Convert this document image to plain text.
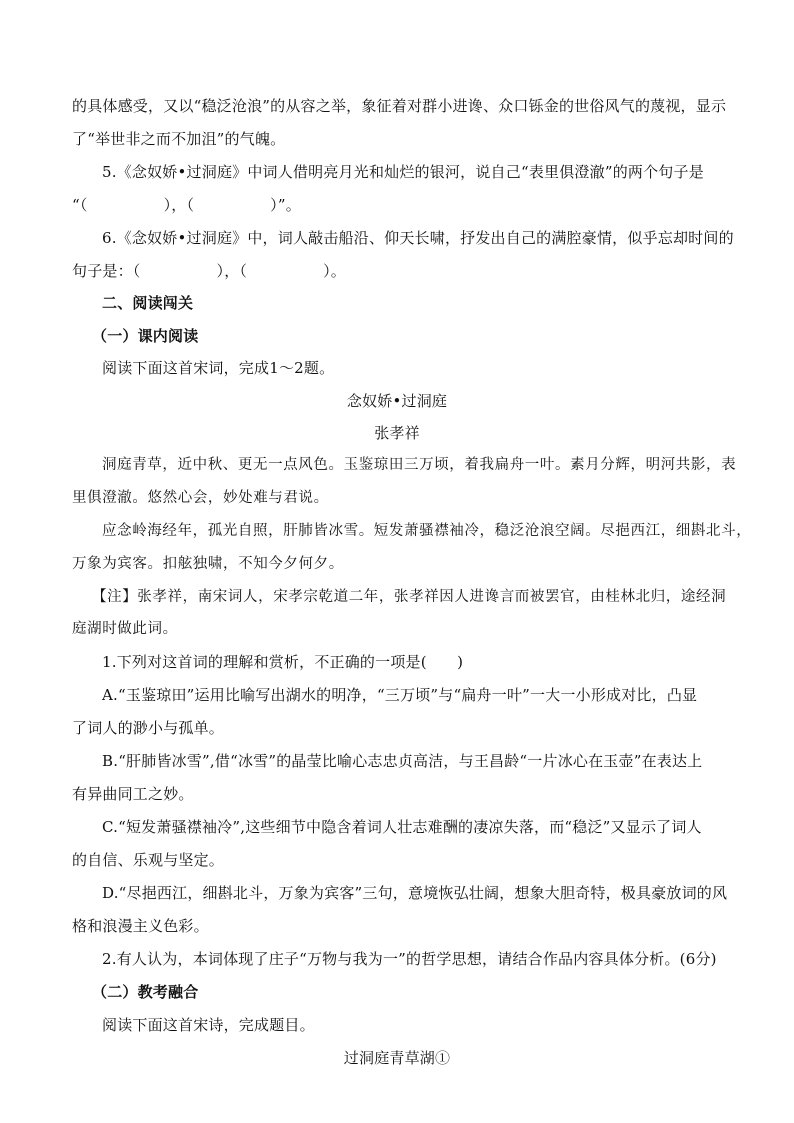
的具体感受，又以“稳泛沧浪”的从容之举，象征着对群小进谗、众口铄金的世俗风气的蔑视，显示
了“举世非之而不加沮”的气魄。
5.《念奴娇•过洞庭》中词人借明亮月光和灿烂的银河，说自己“表里俱澄澈”的两个句子是
“（　　　　　），（　　　　　）”。
6.《念奴娇•过洞庭》中，词人敲击船沿、仰天长啸，抒发出自己的满腔豪情，似乎忘却时间的
句子是：（　　　　　），（　　　　　）。
二、阅读闯关
（一）课内阅读
阅读下面这首宋词，完成1～2题。
念奴娇•过洞庭
张孝祥
洞庭青草，近中秋、更无一点风色。玉鉴琼田三万顷，着我扁舟一叶。素月分辉，明河共影，表
里俱澄澈。悠然心会，妙处难与君说。
应念岭海经年，孤光自照，肝肺皆冰雪。短发萧骚襟袖冷，稳泛沧浪空阔。尽挹西江，细斟北斗，
万象为宾客。扣舷独啸，不知今夕何夕。
【注】张孝祥，南宋词人，宋孝宗乾道二年，张孝祥因人进谗言而被罢官，由桂林北归，途经洞
庭湖时做此词。
1.下列对这首词的理解和赏析，不正确的一项是(　　)
A.“玉鉴琼田”运用比喻写出湖水的明净，“三万顷”与“扁舟一叶”一大一小形成对比，凸显
了词人的渺小与孤单。
B.“肝肺皆冰雪”,借“冰雪”的晶莹比喻心志忠贞高洁，与王昌龄“一片冰心在玉壶”在表达上
有异曲同工之妙。
C.“短发萧骚襟袖冷”,这些细节中隐含着词人壮志难酬的凄凉失落，而“稳泛”又显示了词人
的自信、乐观与坚定。
D.“尽挹西江，细斟北斗，万象为宾客”三句，意境恢弘壮阔，想象大胆奇特，极具豪放词的风
格和浪漫主义色彩。
2.有人认为，本词体现了庄子“万物与我为一”的哲学思想，请结合作品内容具体分析。(6分)
（二）教考融合
阅读下面这首宋诗，完成题目。
过洞庭青草湖①
